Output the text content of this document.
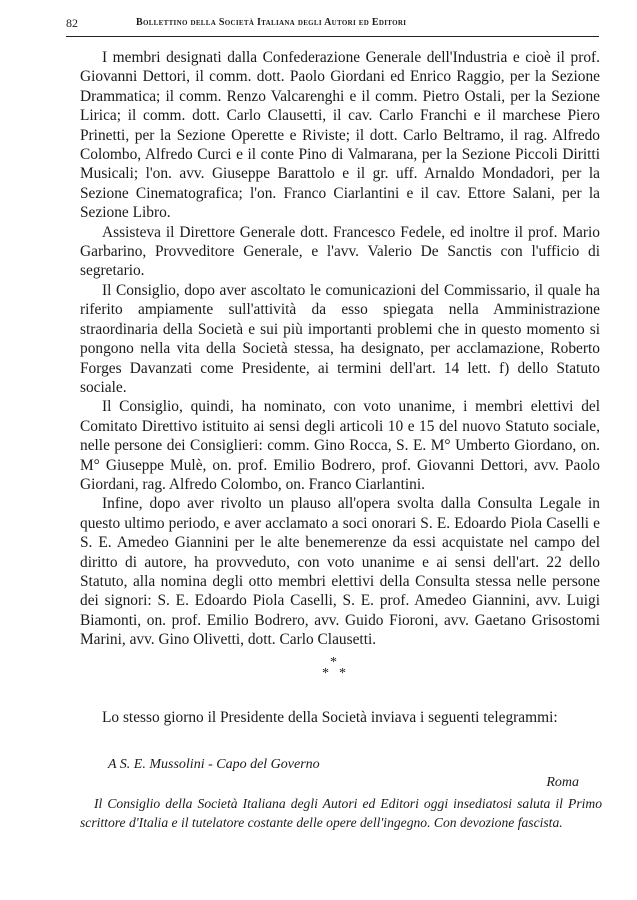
82	Bollettino della Società Italiana degli Autori ed Editori

I membri designati dalla Confederazione Generale dell'Industria e cioè il prof. Giovanni Dettori, il comm. dott. Paolo Giordani ed Enrico Raggio, per la Sezione Drammatica; il comm. Renzo Valcarenghi e il comm. Pietro Ostali, per la Sezione Lirica; il comm. dott. Carlo Clausetti, il cav. Carlo Franchi e il marchese Piero Prinetti, per la Sezione Operette e Riviste; il dott. Carlo Beltramo, il rag. Alfredo Colombo, Alfredo Curci e il conte Pino di Valmarana, per la Sezione Piccoli Diritti Musicali; l'on. avv. Giuseppe Barattolo e il gr. uff. Arnaldo Mondadori, per la Sezione Cinematografica; l'on. Franco Ciarlantini e il cav. Ettore Salani, per la Sezione Libro.

Assisteva il Direttore Generale dott. Francesco Fedele, ed inoltre il prof. Mario Garbarino, Provveditore Generale, e l'avv. Valerio De Sanctis con l'ufficio di segretario.

Il Consiglio, dopo aver ascoltato le comunicazioni del Commissario, il quale ha riferito ampiamente sull'attività da esso spiegata nella Amministrazione straordinaria della Società e sui più importanti problemi che in questo momento si pongono nella vita della Società stessa, ha designato, per acclamazione, Roberto Forges Davanzati come Presidente, ai termini dell'art. 14 lett. f) dello Statuto sociale.

Il Consiglio, quindi, ha nominato, con voto unanime, i membri elettivi del Comitato Direttivo istituito ai sensi degli articoli 10 e 15 del nuovo Statuto sociale, nelle persone dei Consiglieri: comm. Gino Rocca, S. E. M° Umberto Giordano, on. M° Giuseppe Mulè, on. prof. Emilio Bodrero, prof. Giovanni Dettori, avv. Paolo Giordani, rag. Alfredo Colombo, on. Franco Ciarlantini.

Infine, dopo aver rivolto un plauso all'opera svolta dalla Consulta Legale in questo ultimo periodo, e aver acclamato a soci onorari S. E. Edoardo Piola Caselli e S. E. Amedeo Giannini per le alte benemerenze da essi acquistate nel campo del diritto di autore, ha provveduto, con voto unanime e ai sensi dell'art. 22 dello Statuto, alla nomina degli otto membri elettivi della Consulta stessa nelle persone dei signori: S. E. Edoardo Piola Caselli, S. E. prof. Amedeo Giannini, avv. Luigi Biamonti, on. prof. Emilio Bodrero, avv. Guido Fioroni, avv. Gaetano Grisostomi Marini, avv. Gino Olivetti, dott. Carlo Clausetti.

*
* *

Lo stesso giorno il Presidente della Società inviava i seguenti telegrammi:

A S. E. Mussolini - Capo del Governo
Roma

Il Consiglio della Società Italiana degli Autori ed Editori oggi insediatosi saluta il Primo scrittore d'Italia e il tutelatore costante delle opere dell'ingegno. Con devozione fascista.
